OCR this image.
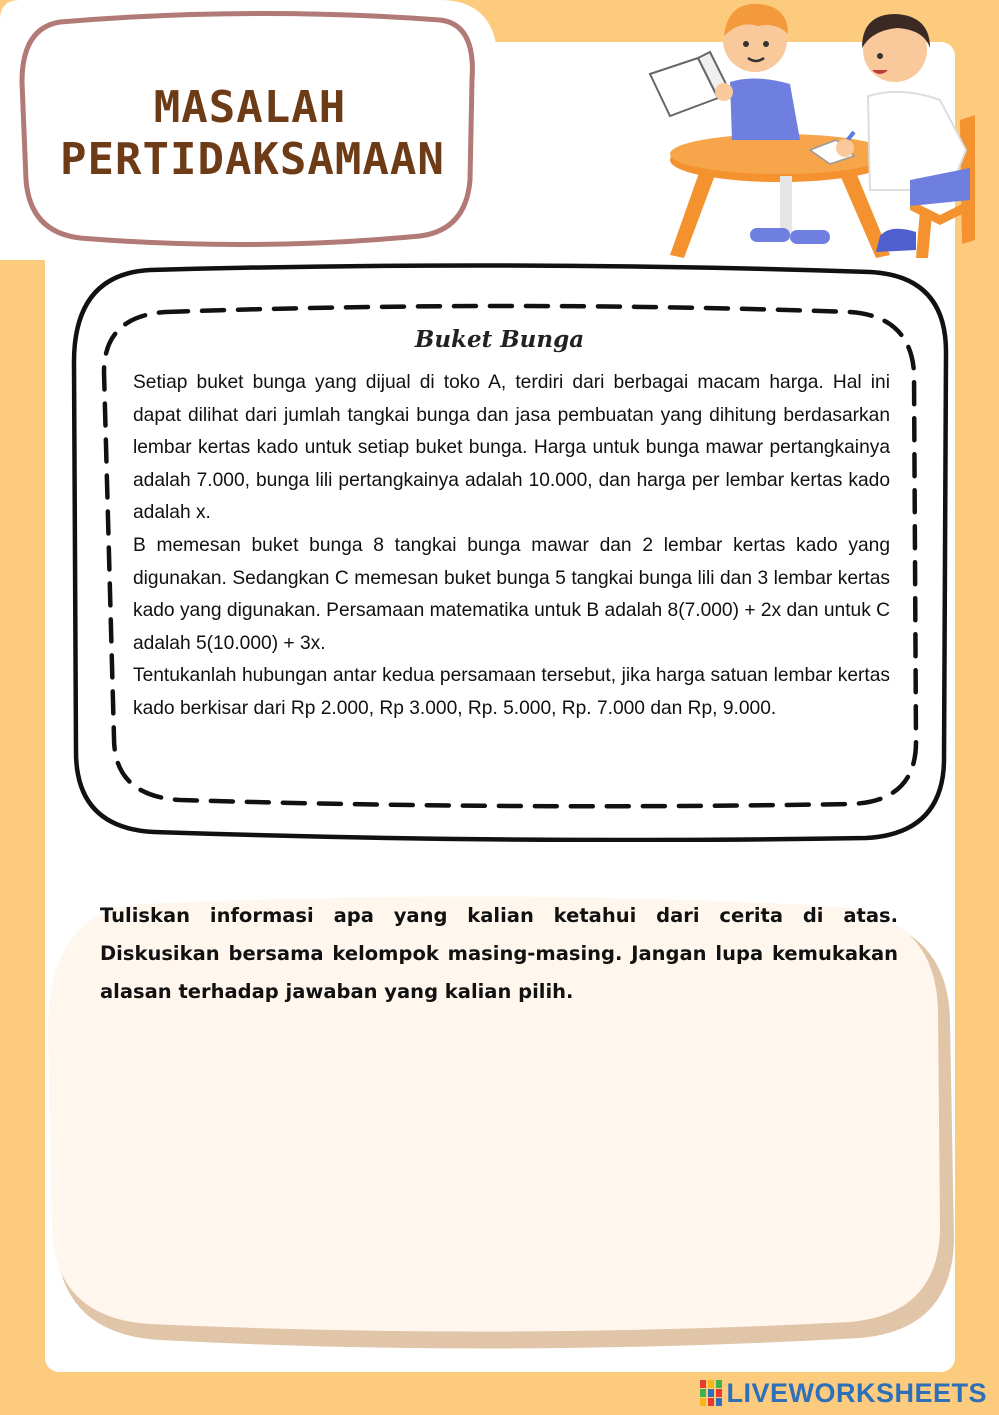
MASALAH
PERTIDAKSAMAAN
Buket Bunga

Setiap buket bunga yang dijual di toko A, terdiri dari berbagai macam harga. Hal ini dapat dilihat dari jumlah tangkai bunga dan jasa pembuatan yang dihitung berdasarkan lembar kertas kado untuk setiap buket bunga. Harga untuk bunga mawar pertangkainya adalah 7.000, bunga lili pertangkainya adalah 10.000, dan harga per lembar kertas kado adalah x.

B memesan buket bunga 8 tangkai bunga mawar dan 2 lembar kertas kado yang digunakan. Sedangkan C memesan buket bunga 5 tangkai bunga lili dan 3 lembar kertas kado yang digunakan. Persamaan matematika untuk B adalah 8(7.000) + 2x dan untuk C adalah 5(10.000) + 3x.

Tentukanlah hubungan antar kedua persamaan tersebut, jika harga satuan lembar kertas kado berkisar dari Rp 2.000, Rp 3.000, Rp. 5.000, Rp. 7.000 dan Rp, 9.000.

Tuliskan informasi apa yang kalian ketahui dari cerita di atas. Diskusikan bersama kelompok masing-masing. Jangan lupa kemukakan alasan terhadap jawaban yang kalian pilih.

LIVEWORKSHEETS
